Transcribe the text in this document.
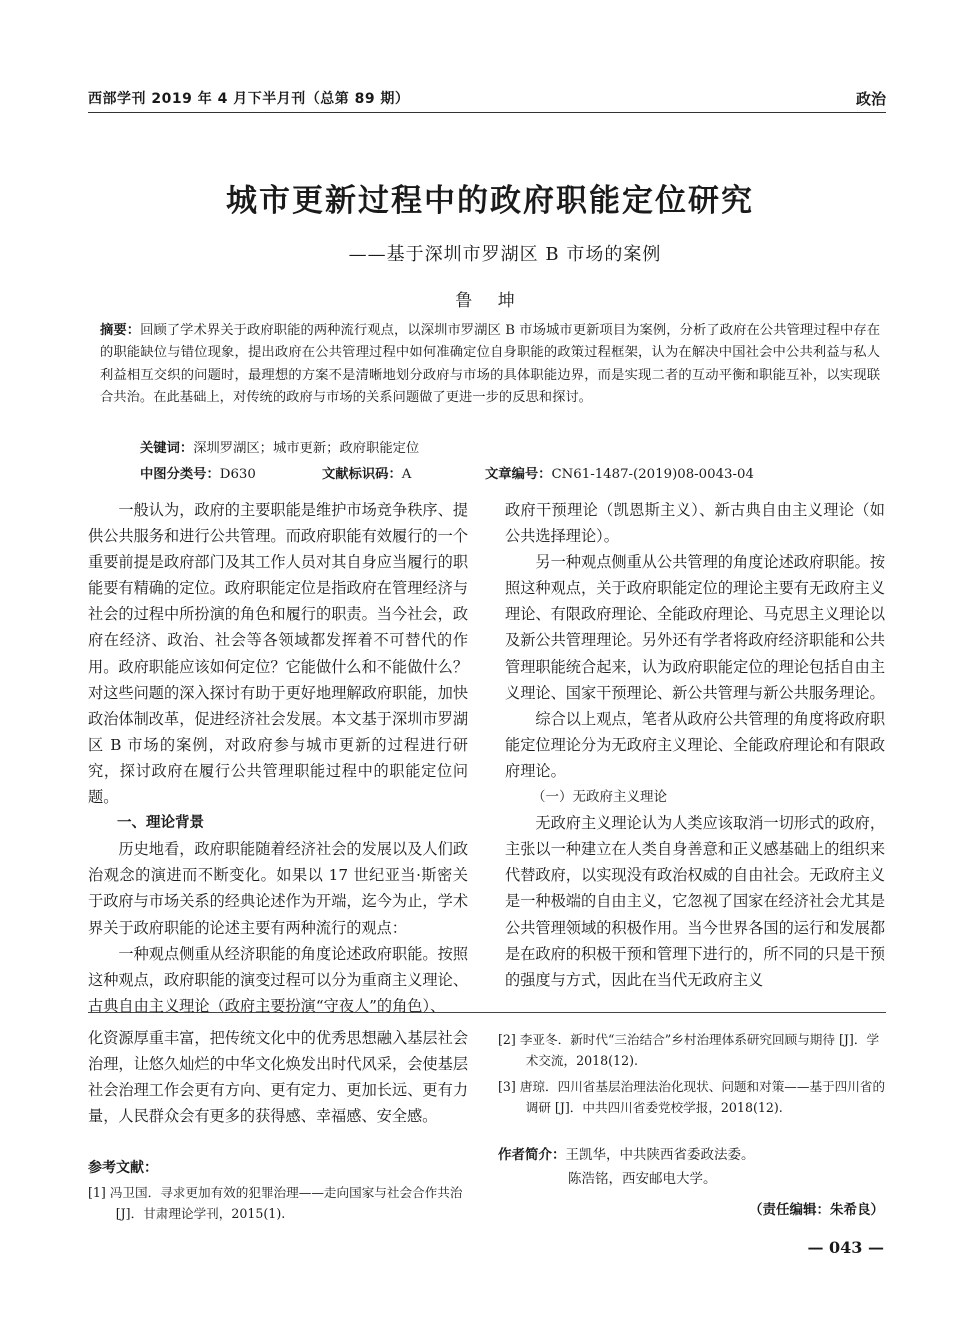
西部学刊 2019 年 4 月下半月刊（总第 89 期）	政治
城市更新过程中的政府职能定位研究
——基于深圳市罗湖区 B 市场的案例
鲁 坤
摘要：回顾了学术界关于政府职能的两种流行观点，以深圳市罗湖区 B 市场城市更新项目为案例，分析了政府在公共管理过程中存在的职能缺位与错位现象，提出政府在公共管理过程中如何准确定位自身职能的政策过程框架，认为在解决中国社会中公共利益与私人利益相互交织的问题时，最理想的方案不是清晰地划分政府与市场的具体职能边界，而是实现二者的互动平衡和职能互补，以实现联合共治。在此基础上，对传统的政府与市场的关系问题做了更进一步的反思和探讨。
关键词：深圳罗湖区；城市更新；政府职能定位
中图分类号：D630	文献标识码：A	文章编号：CN61-1487-(2019)08-0043-04

一般认为，政府的主要职能是维护市场竞争秩序、提供公共服务和进行公共管理。而政府职能有效履行的一个重要前提是政府部门及其工作人员对其自身应当履行的职能要有精确的定位。政府职能定位是指政府在管理经济与社会的过程中所扮演的角色和履行的职责。当今社会，政府在经济、政治、社会等各领域都发挥着不可替代的作用。政府职能应该如何定位？它能做什么和不能做什么？对这些问题的深入探讨有助于更好地理解政府职能，加快政治体制改革，促进经济社会发展。本文基于深圳市罗湖区 B 市场的案例，对政府参与城市更新的过程进行研究，探讨政府在履行公共管理职能过程中的职能定位问题。

一、理论背景

历史地看，政府职能随着经济社会的发展以及人们政治观念的演进而不断变化。如果以 17 世纪亚当·斯密关于政府与市场关系的经典论述作为开端，迄今为止，学术界关于政府职能的论述主要有两种流行的观点：

一种观点侧重从经济职能的角度论述政府职能。按照这种观点，政府职能的演变过程可以分为重商主义理论、古典自由主义理论（政府主要扮演“守夜人”的角色）、

政府干预理论（凯恩斯主义）、新古典自由主义理论（如公共选择理论）。

另一种观点侧重从公共管理的角度论述政府职能。按照这种观点，关于政府职能定位的理论主要有无政府主义理论、有限政府理论、全能政府理论、马克思主义理论以及新公共管理理论。另外还有学者将政府经济职能和公共管理职能统合起来，认为政府职能定位的理论包括自由主义理论、国家干预理论、新公共管理与新公共服务理论。

综合以上观点，笔者从政府公共管理的角度将政府职能定位理论分为无政府主义理论、全能政府理论和有限政府理论。

（一）无政府主义理论

无政府主义理论认为人类应该取消一切形式的政府，主张以一种建立在人类自身善意和正义感基础上的组织来代替政府，以实现没有政治权威的自由社会。无政府主义是一种极端的自由主义，它忽视了国家在经济社会尤其是公共管理领域的积极作用。当今世界各国的运行和发展都是在政府的积极干预和管理下进行的，所不同的只是干预的强度与方式，因此在当代无政府主义

化资源厚重丰富，把传统文化中的优秀思想融入基层社会治理，让悠久灿烂的中华文化焕发出时代风采，会使基层社会治理工作会更有方向、更有定力、更加长远、更有力量，人民群众会有更多的获得感、幸福感、安全感。

参考文献：
[1] 冯卫国．寻求更加有效的犯罪治理——走向国家与社会合作共治 [J]．甘肃理论学刊，2015(1).
[2] 李亚冬．新时代“三治结合”乡村治理体系研究回顾与期待 [J]．学术交流，2018(12).
[3] 唐琼．四川省基层治理法治化现状、问题和对策——基于四川省的调研 [J]．中共四川省委党校学报，2018(12).
作者简介：王凯华，中共陕西省委政法委。
陈浩铭，西安邮电大学。
（责任编辑：朱希良）
— 043 —
